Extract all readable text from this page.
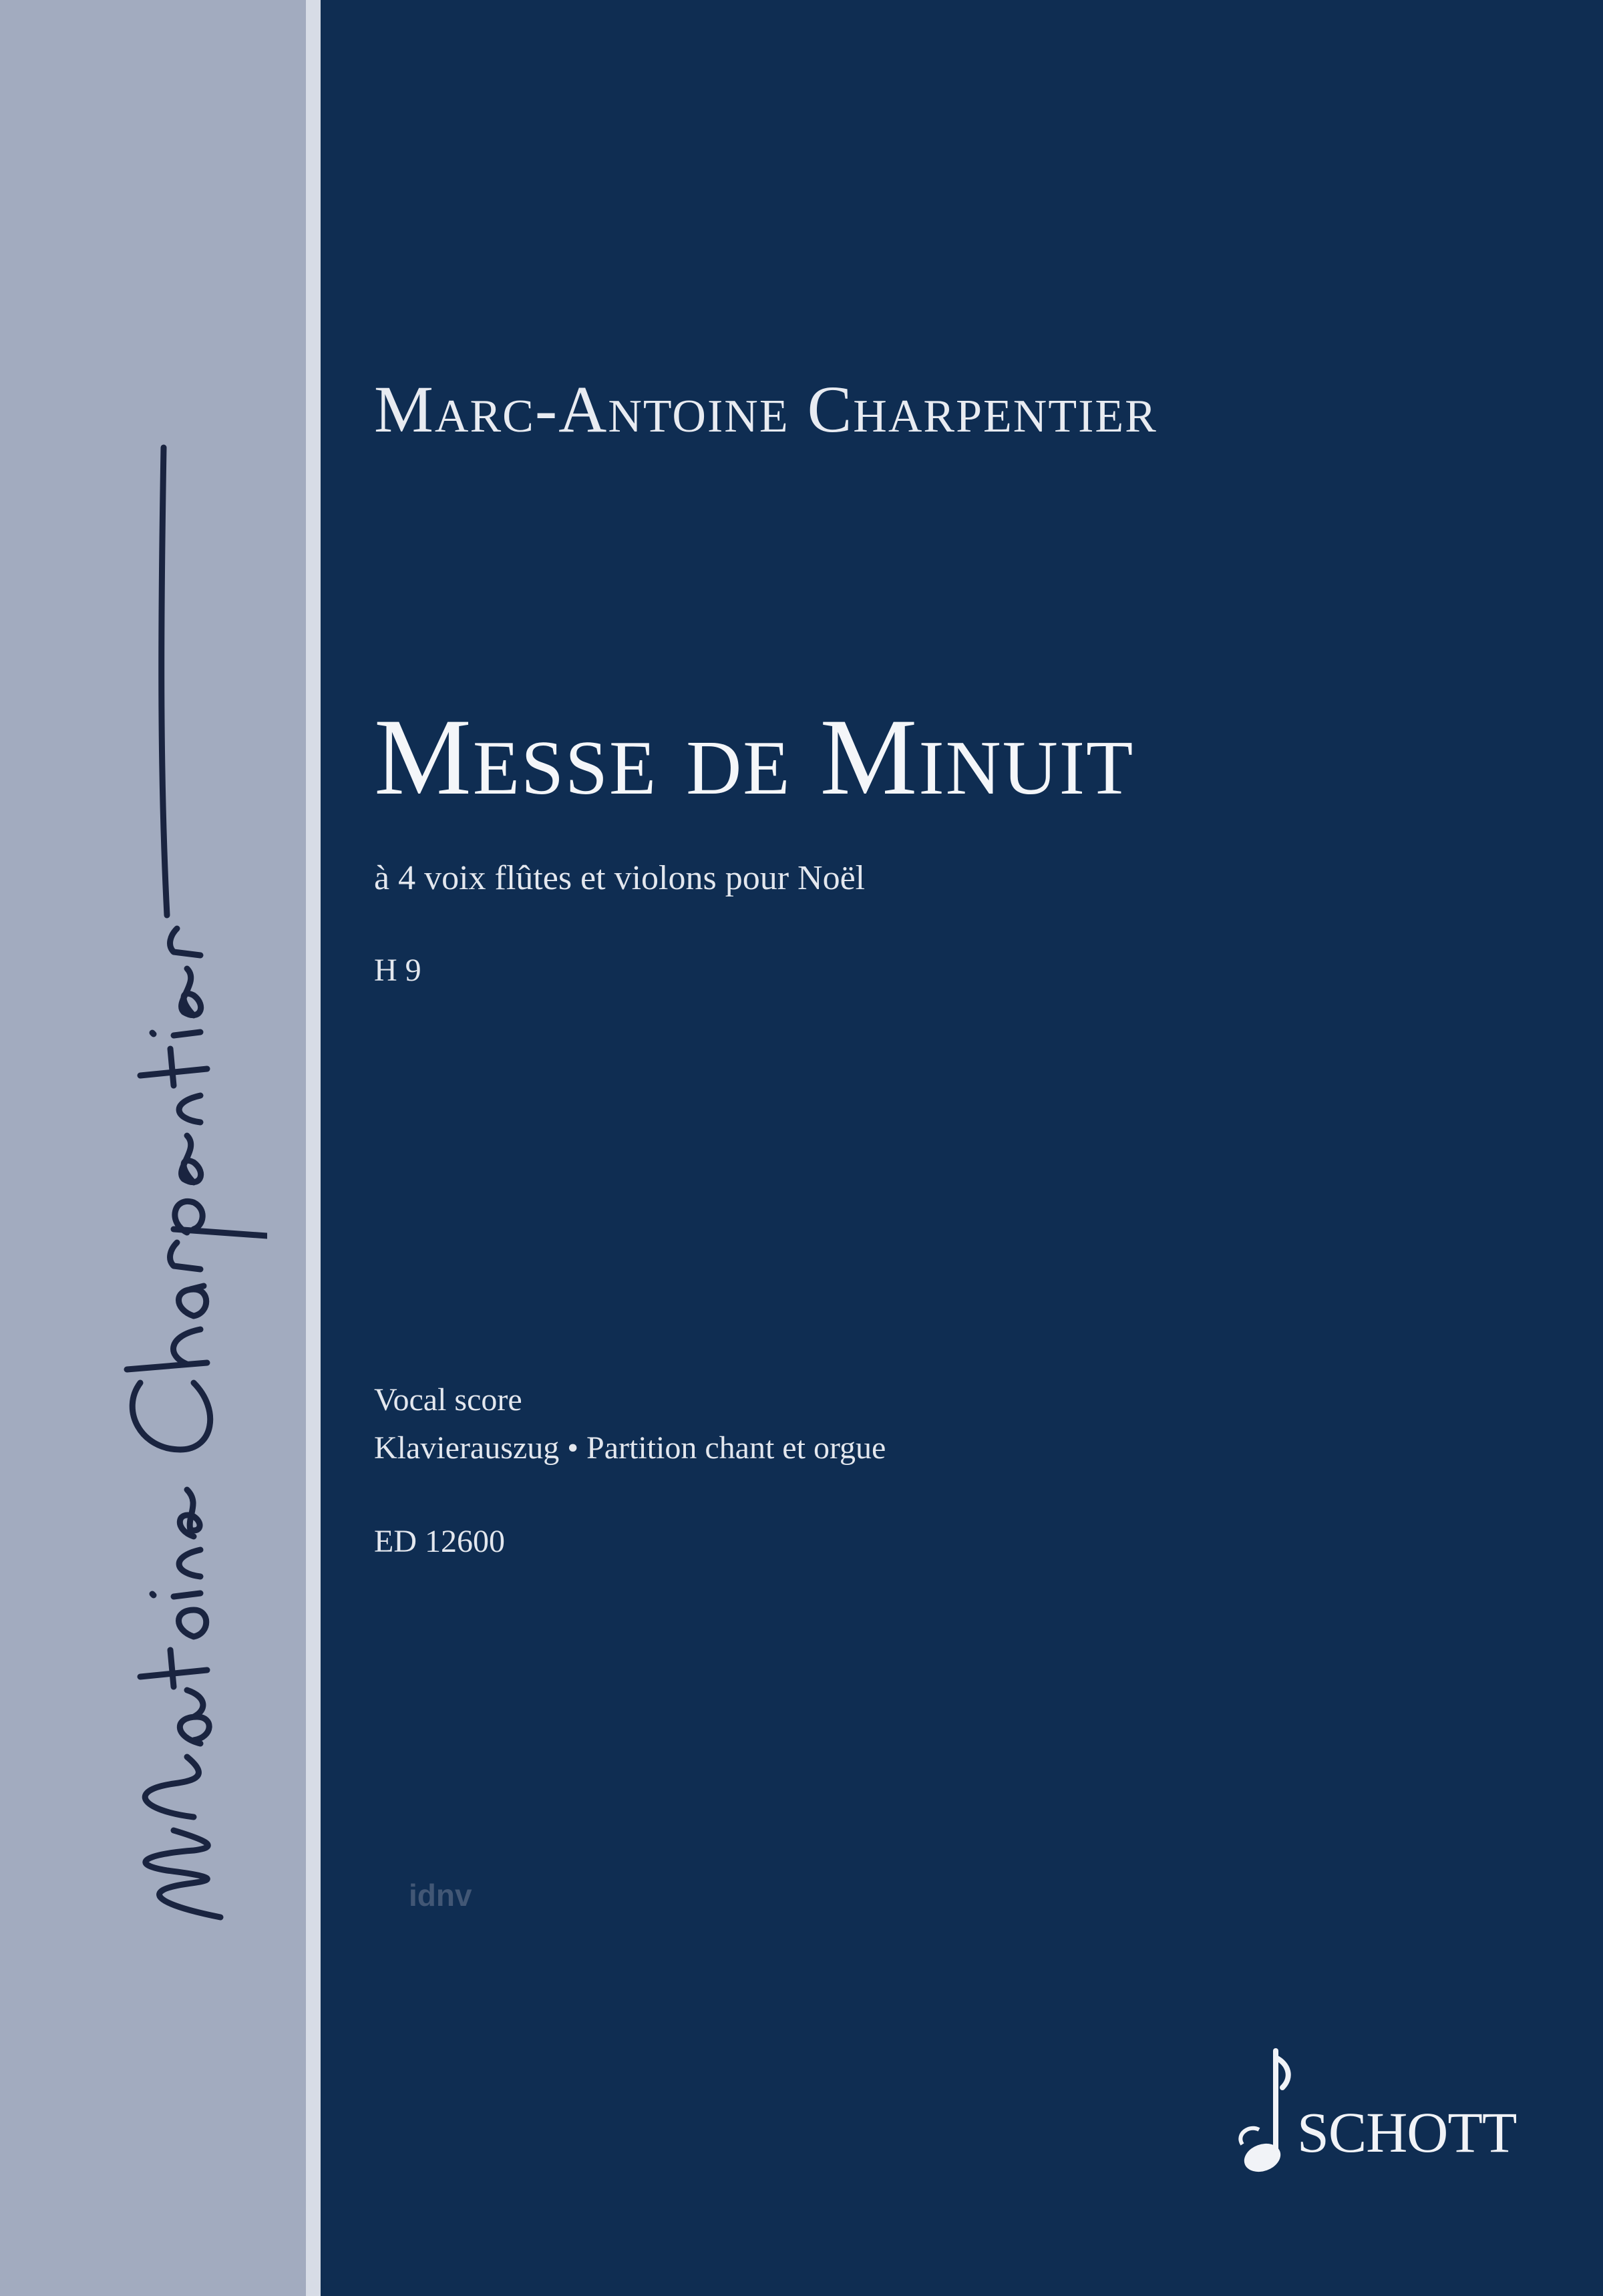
Marc-Antoine Charpentier
Messe de Minuit
à 4 voix flûtes et violons pour Noël
H 9
Vocal score
Klavierauszug • Partition chant et orgue
ED 12600
idnv
SCHOTT
